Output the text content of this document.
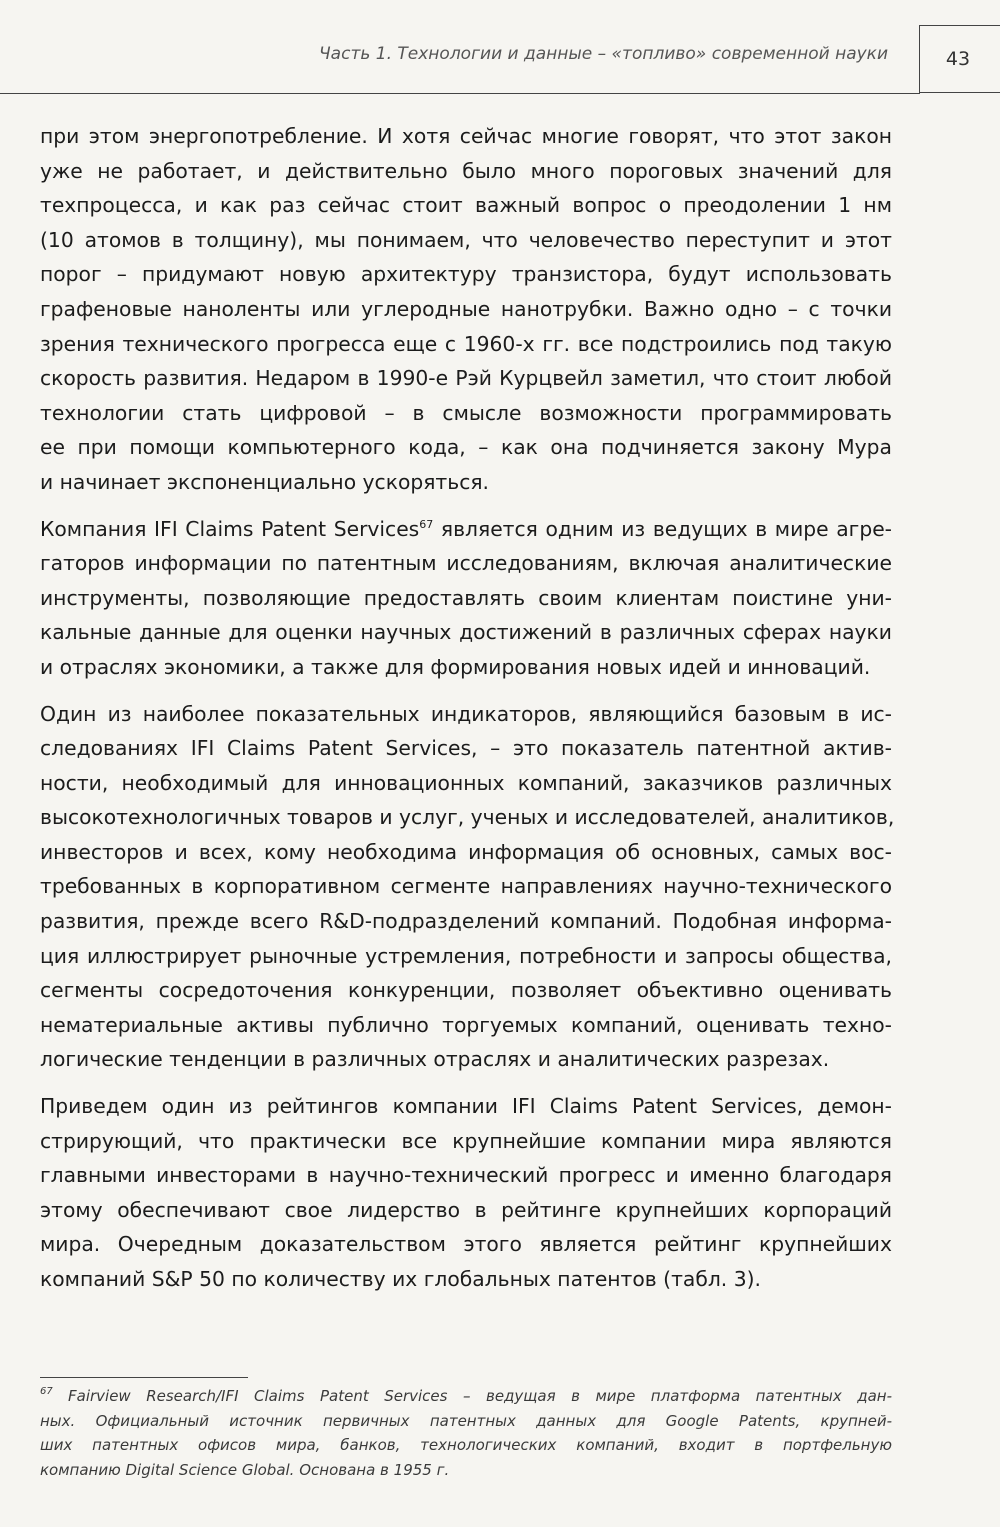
Часть 1. Технологии и данные – «топливо» современной науки	43

при этом энергопотребление. И хотя сейчас многие говорят, что этот закон
уже не работает, и действительно было много пороговых значений для
техпроцесса, и как раз сейчас стоит важный вопрос о преодолении 1 нм
(10 атомов в толщину), мы понимаем, что человечество переступит и этот
порог – придумают новую архитектуру транзистора, будут использовать
графеновые наноленты или углеродные нанотрубки. Важно одно – с точки
зрения технического прогресса еще с 1960-х гг. все подстроились под такую
скорость развития. Недаром в 1990-е Рэй Курцвейл заметил, что стоит любой
технологии стать цифровой – в смысле возможности программировать
ее при помощи компьютерного кода, – как она подчиняется закону Мура
и начинает экспоненциально ускоряться.

Компания IFI Claims Patent Services$^{67}$ является одним из ведущих в мире агре-
гаторов информации по патентным исследованиям, включая аналитические
инструменты, позволяющие предоставлять своим клиентам поистине уни-
кальные данные для оценки научных достижений в различных сферах науки
и отраслях экономики, а также для формирования новых идей и инноваций.

Один из наиболее показательных индикаторов, являющийся базовым в ис-
следованиях IFI Claims Patent Services, – это показатель патентной актив-
ности, необходимый для инновационных компаний, заказчиков различных
высокотехнологичных товаров и услуг, ученых и исследователей, аналитиков,
инвесторов и всех, кому необходима информация об основных, самых вос-
требованных в корпоративном сегменте направлениях научно-технического
развития, прежде всего R&D-подразделений компаний. Подобная информа-
ция иллюстрирует рыночные устремления, потребности и запросы общества,
сегменты сосредоточения конкуренции, позволяет объективно оценивать
нематериальные активы публично торгуемых компаний, оценивать техно-
логические тенденции в различных отраслях и аналитических разрезах.

Приведем один из рейтингов компании IFI Claims Patent Services, демон-
стрирующий, что практически все крупнейшие компании мира являются
главными инвесторами в научно-технический прогресс и именно благодаря
этому обеспечивают свое лидерство в рейтинге крупнейших корпораций
мира. Очередным доказательством этого является рейтинг крупнейших
компаний S&P 50 по количеству их глобальных патентов (табл. 3).

67 Fairview Research/IFI Claims Patent Services – ведущая в мире платформа патентных дан-
ных. Официальный источник первичных патентных данных для Google Patents, крупней-
ших патентных офисов мира, банков, технологических компаний, входит в портфельную
компанию Digital Science Global. Основана в 1955 г.
